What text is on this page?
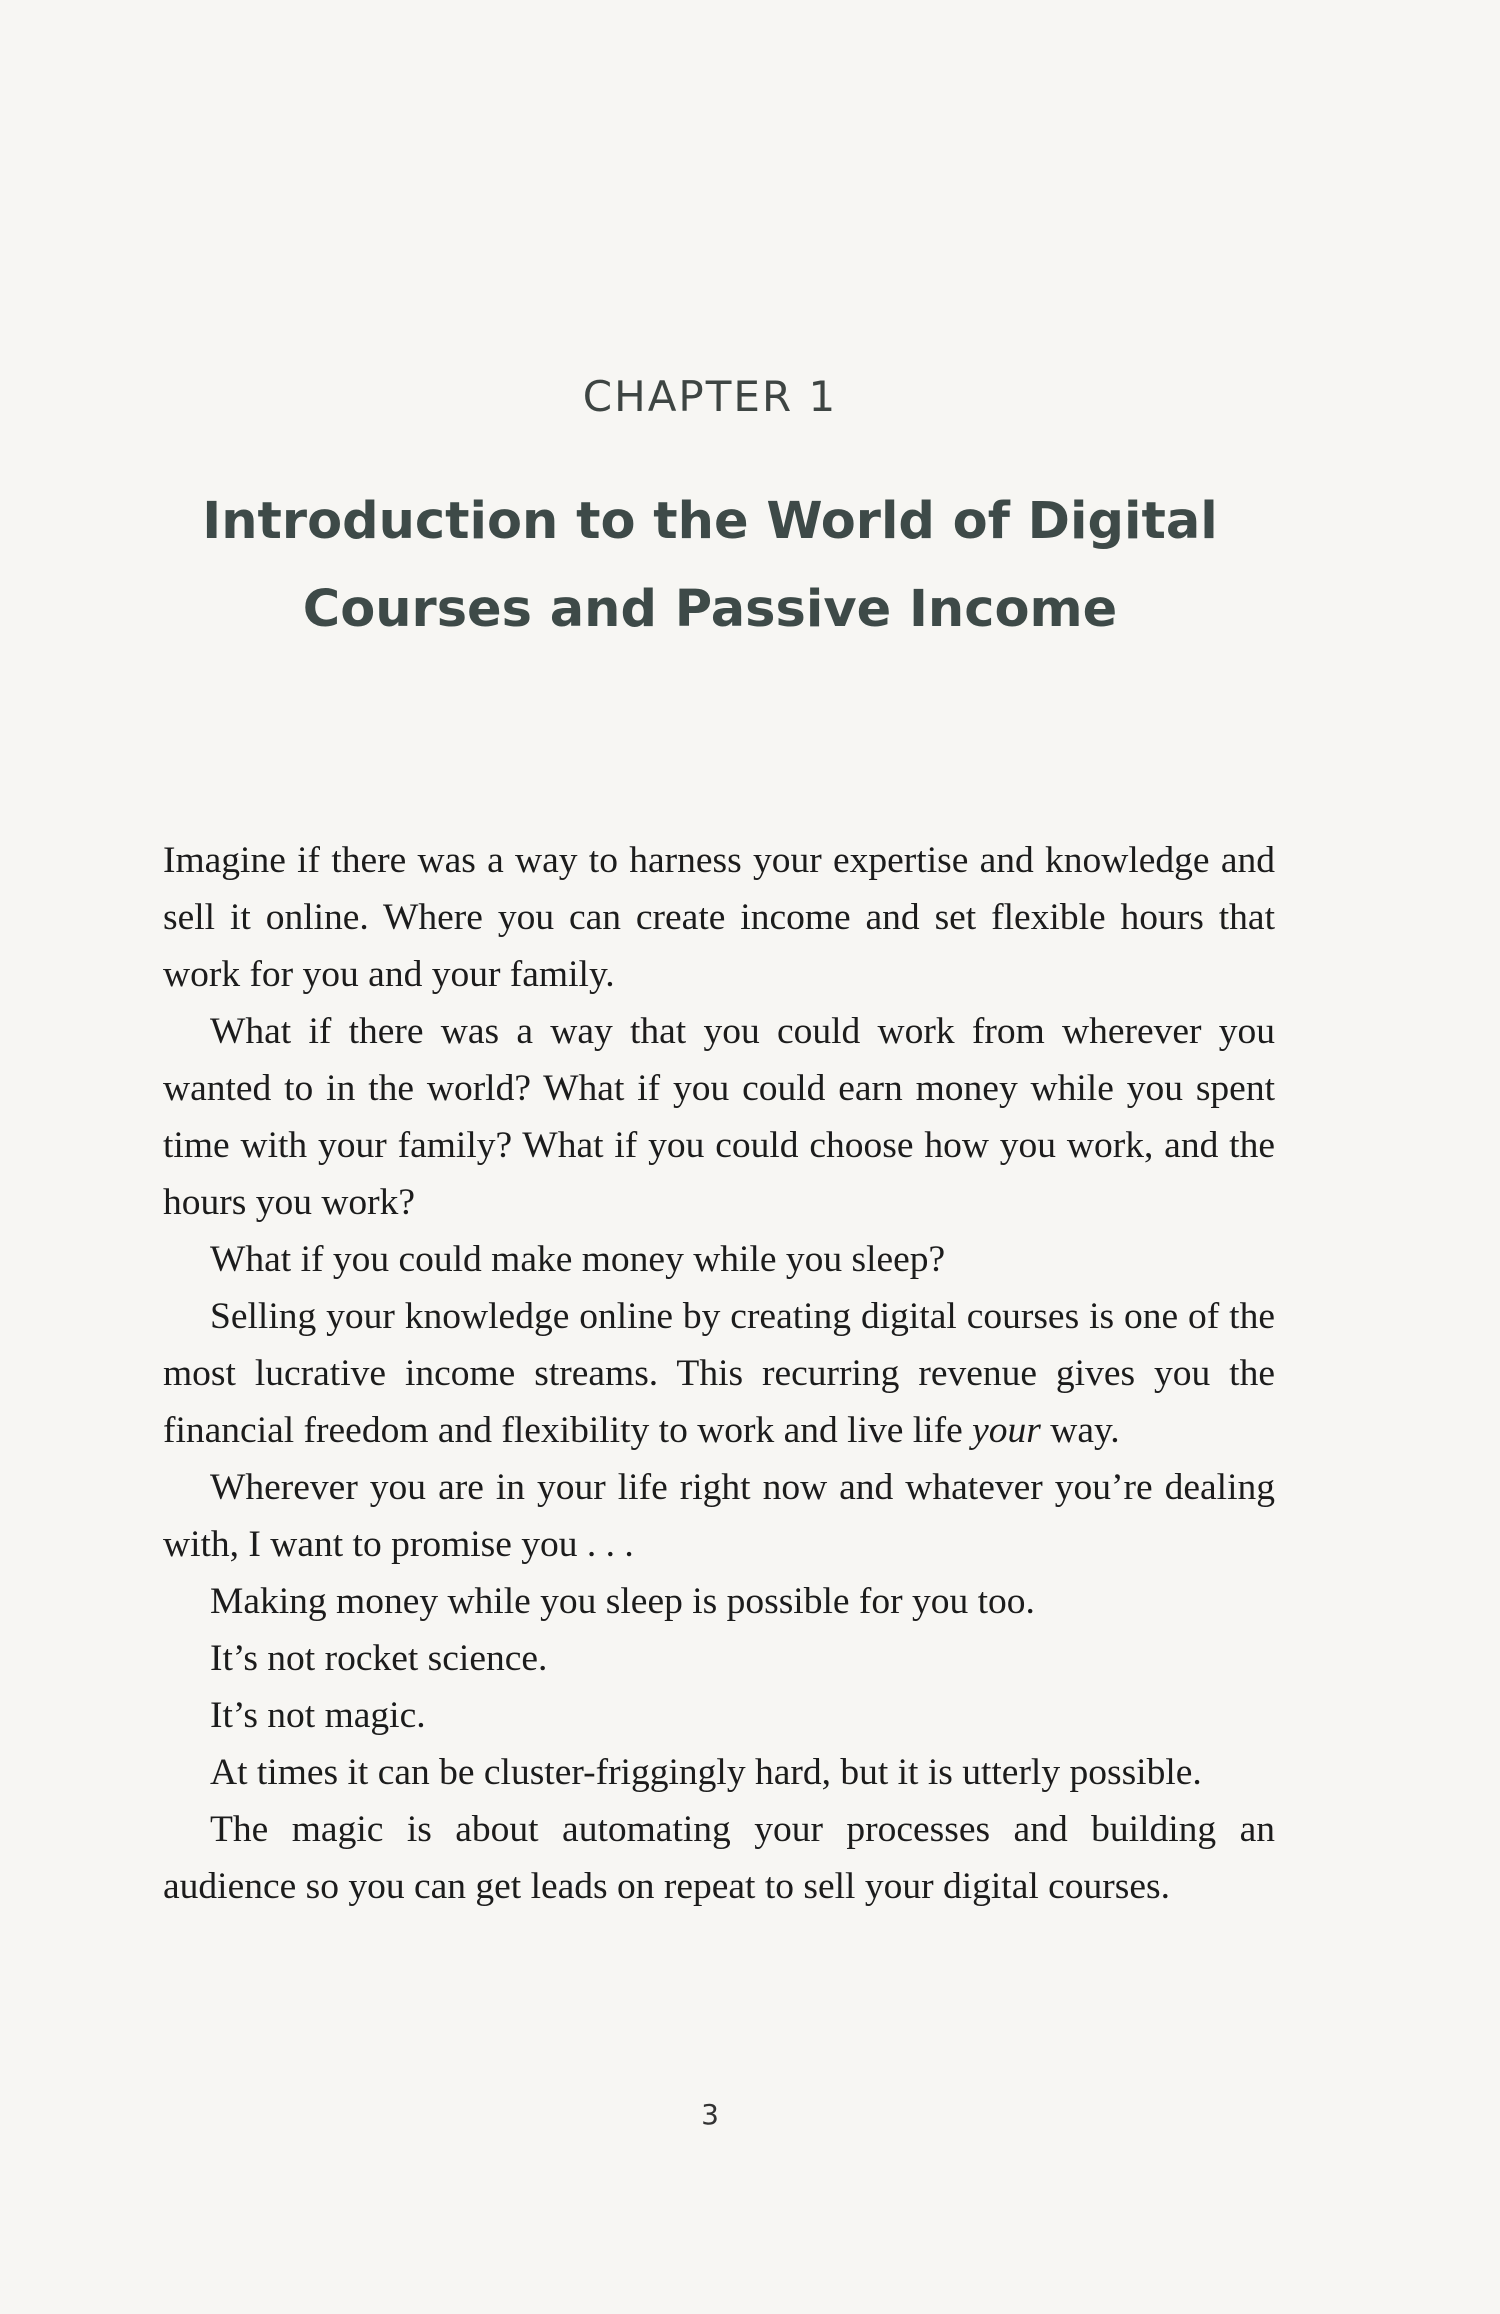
CHAPTER 1
Introduction to the World of Digital Courses and Passive Income

Imagine if there was a way to harness your expertise and knowledge and sell it online. Where you can create income and set flexible hours that work for you and your family.

What if there was a way that you could work from wherever you wanted to in the world? What if you could earn money while you spent time with your family? What if you could choose how you work, and the hours you work?

What if you could make money while you sleep?

Selling your knowledge online by creating digital courses is one of the most lucrative income streams. This recurring revenue gives you the financial freedom and flexibility to work and live life your way.

Wherever you are in your life right now and whatever you’re dealing with, I want to promise you . . .

Making money while you sleep is possible for you too.

It’s not rocket science.

It’s not magic.

At times it can be cluster-friggingly hard, but it is utterly possible.

The magic is about automating your processes and building an audience so you can get leads on repeat to sell your digital courses.

3
